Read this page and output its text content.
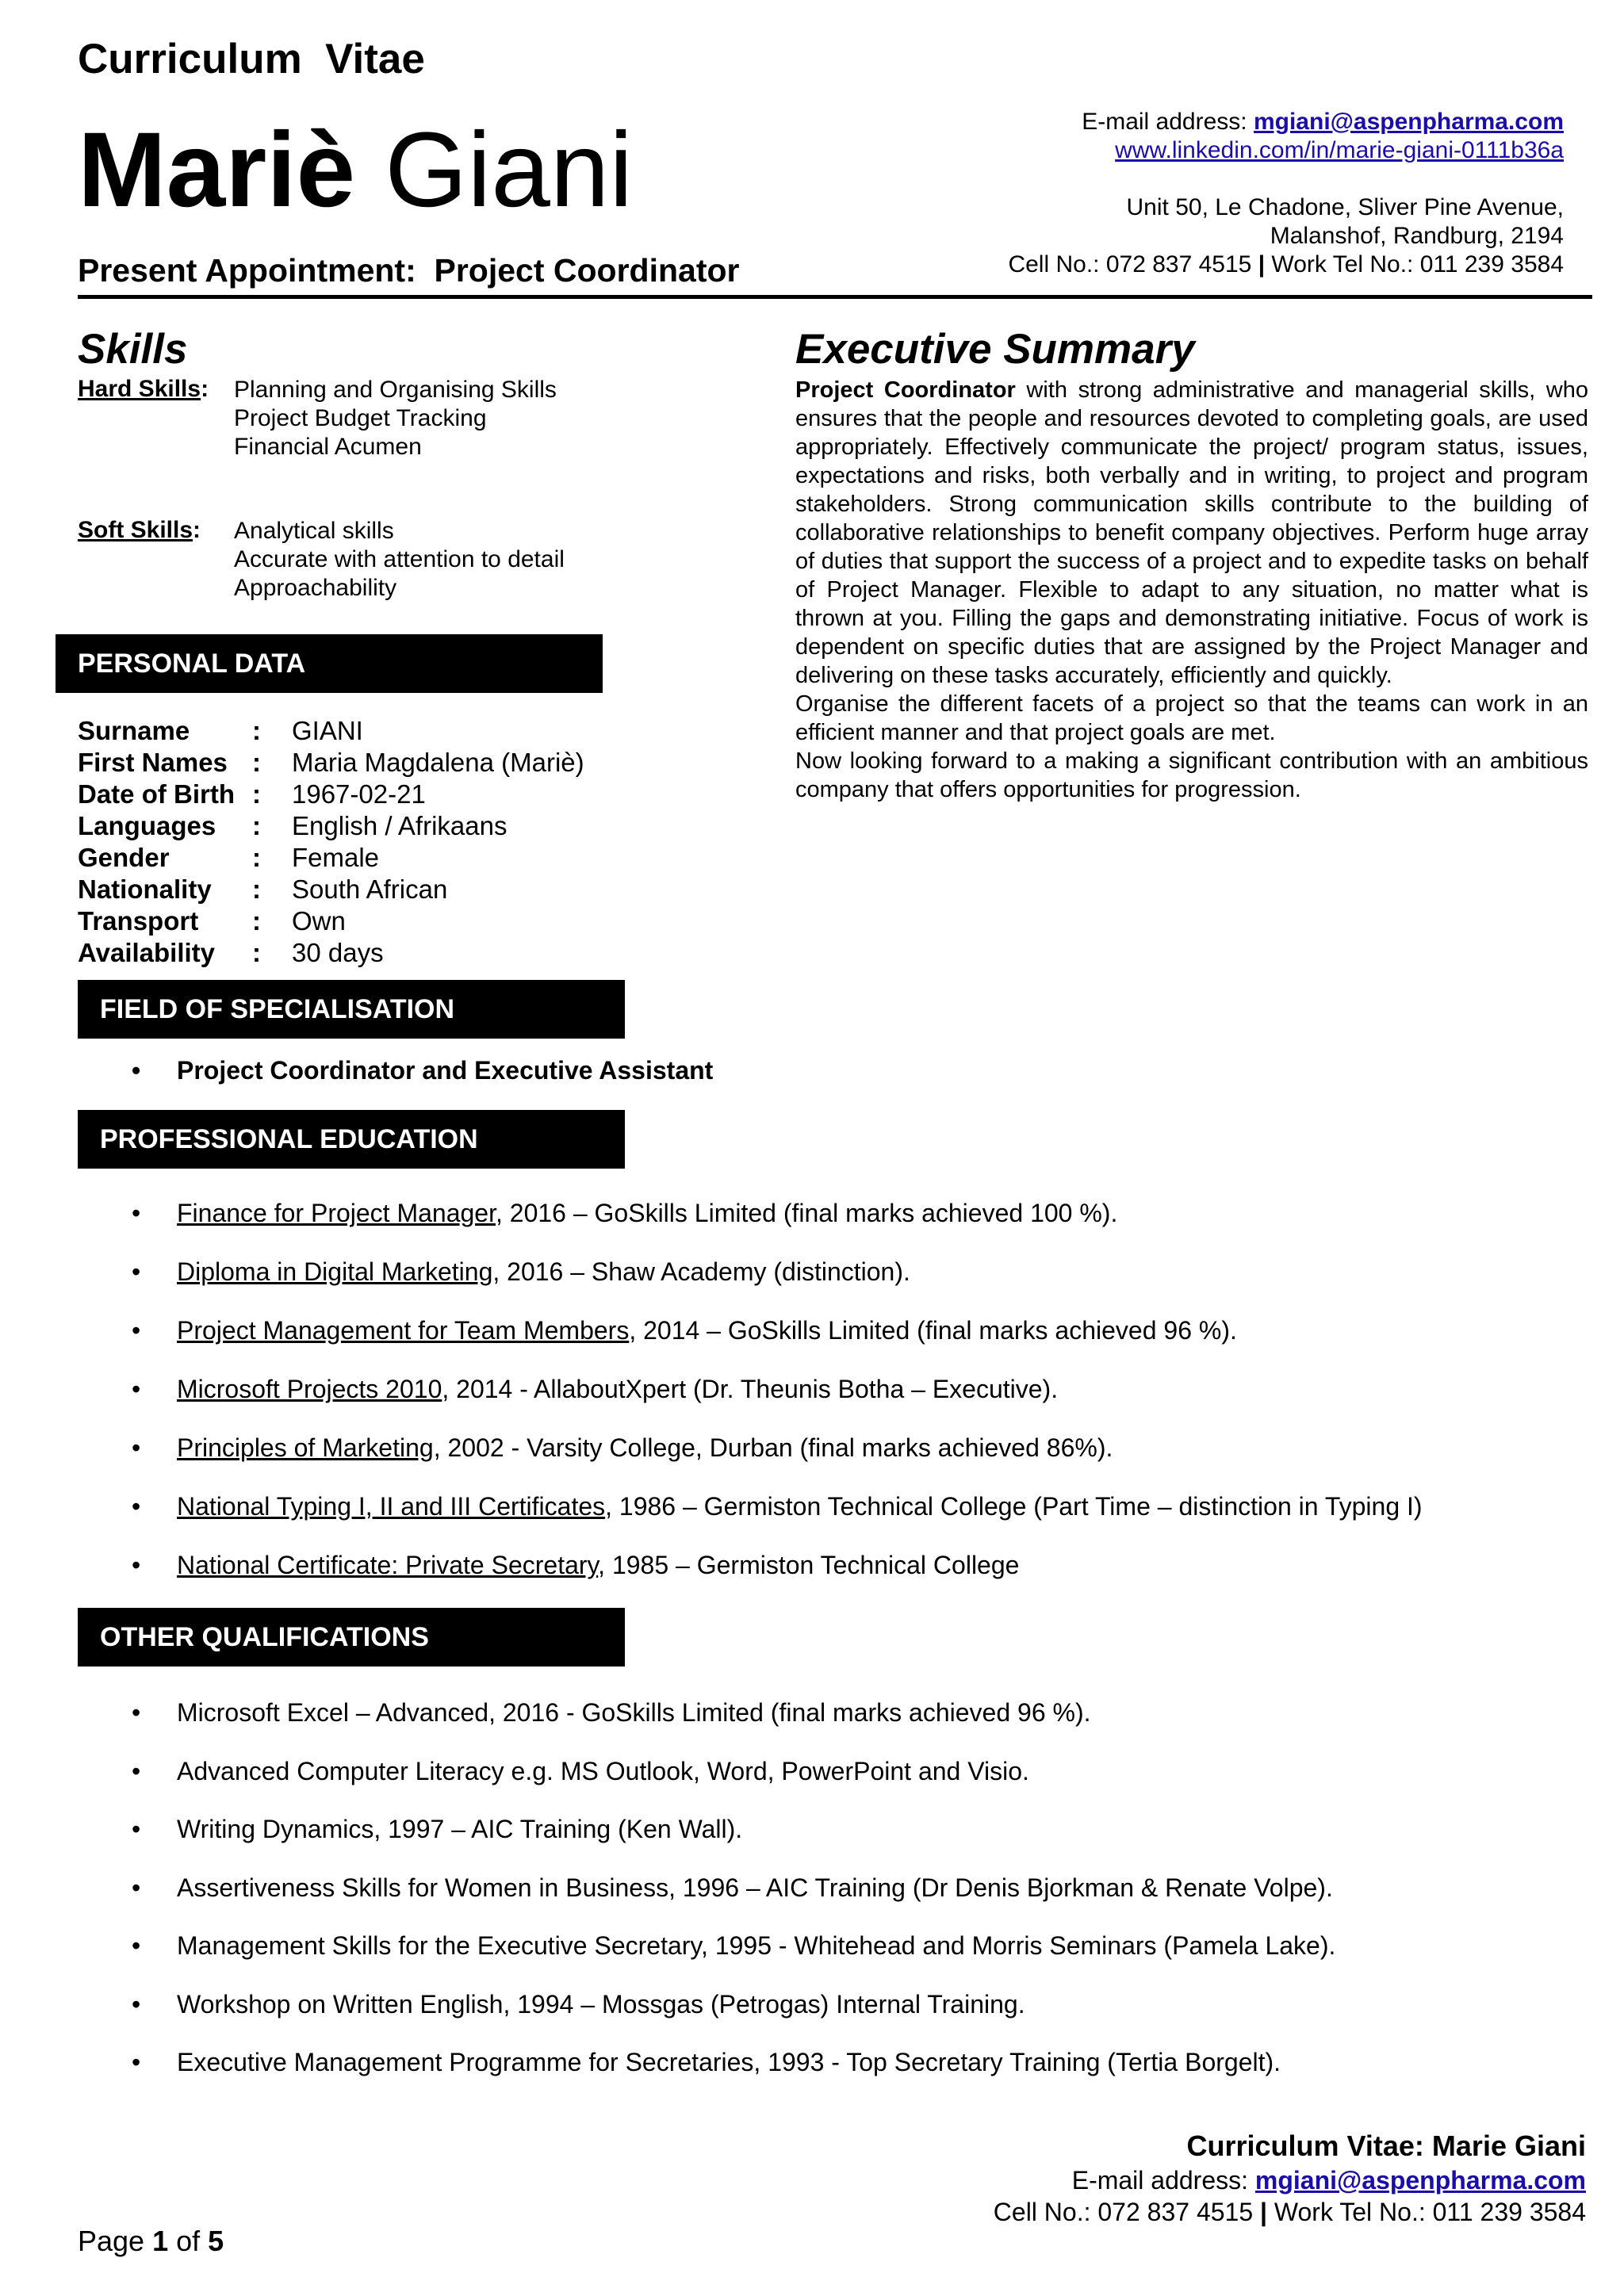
Curriculum  Vitae
Mariè Giani
Present Appointment:  Project Coordinator
E-mail address: mgiani@aspenpharma.com
www.linkedin.com/in/marie-giani-0111b36a
Unit 50, Le Chadone, Sliver Pine Avenue,
Malanshof, Randburg, 2194
Cell No.: 072 837 4515 | Work Tel No.: 011 239 3584
Skills
Hard Skills: Planning and Organising Skills
Project Budget Tracking
Financial Acumen
Soft Skills: Analytical skills
Accurate with attention to detail
Approachability
Executive Summary

Project Coordinator with strong administrative and managerial skills, who ensures that the people and resources devoted to completing goals, are used appropriately. Effectively communicate the project/ program status, issues, expectations and risks, both verbally and in writing, to project and program stakeholders. Strong communication skills contribute to the building of collaborative relationships to benefit company objectives. Perform huge array of duties that support the success of a project and to expedite tasks on behalf of Project Manager. Flexible to adapt to any situation, no matter what is thrown at you. Filling the gaps and demonstrating initiative. Focus of work is dependent on specific duties that are assigned by the Project Manager and delivering on these tasks accurately, efficiently and quickly.

Organise the different facets of a project so that the teams can work in an efficient manner and that project goals are met.

Now looking forward to a making a significant contribution with an ambitious company that offers opportunities for progression.

PERSONAL DATA
Surname : GIANI
First Names : Maria Magdalena (Mariè)
Date of Birth : 1967-02-21
Languages : English / Afrikaans
Gender	: Female
Nationality : South African
Transport : Own
Availability : 30 days
FIELD OF SPECIALISATION
• Project Coordinator and Executive Assistant
PROFESSIONAL EDUCATION
• Finance for Project Manager, 2016 – GoSkills Limited (final marks achieved 100 %).
• Diploma in Digital Marketing, 2016 – Shaw Academy (distinction).
• Project Management for Team Members, 2014 – GoSkills Limited (final marks achieved 96 %).
• Microsoft Projects 2010, 2014 - AllaboutXpert (Dr. Theunis Botha – Executive).
• Principles of Marketing, 2002 - Varsity College, Durban (final marks achieved 86%).
• National Typing I, II and III Certificates, 1986 – Germiston Technical College (Part Time – distinction in Typing I)
• National Certificate: Private Secretary, 1985 – Germiston Technical College
OTHER QUALIFICATIONS
• Microsoft Excel – Advanced, 2016 - GoSkills Limited (final marks achieved 96 %).
• Advanced Computer Literacy e.g. MS Outlook, Word, PowerPoint and Visio.
• Writing Dynamics, 1997 – AIC Training (Ken Wall).
• Assertiveness Skills for Women in Business, 1996 – AIC Training (Dr Denis Bjorkman & Renate Volpe).
• Management Skills for the Executive Secretary, 1995 - Whitehead and Morris Seminars (Pamela Lake).
• Workshop on Written English, 1994 – Mossgas (Petrogas) Internal Training.
• Executive Management Programme for Secretaries, 1993 - Top Secretary Training (Tertia Borgelt).
Curriculum Vitae: Marie Giani
E-mail address: mgiani@aspenpharma.com
Cell No.: 072 837 4515 | Work Tel No.: 011 239 3584
Page 1 of 5
